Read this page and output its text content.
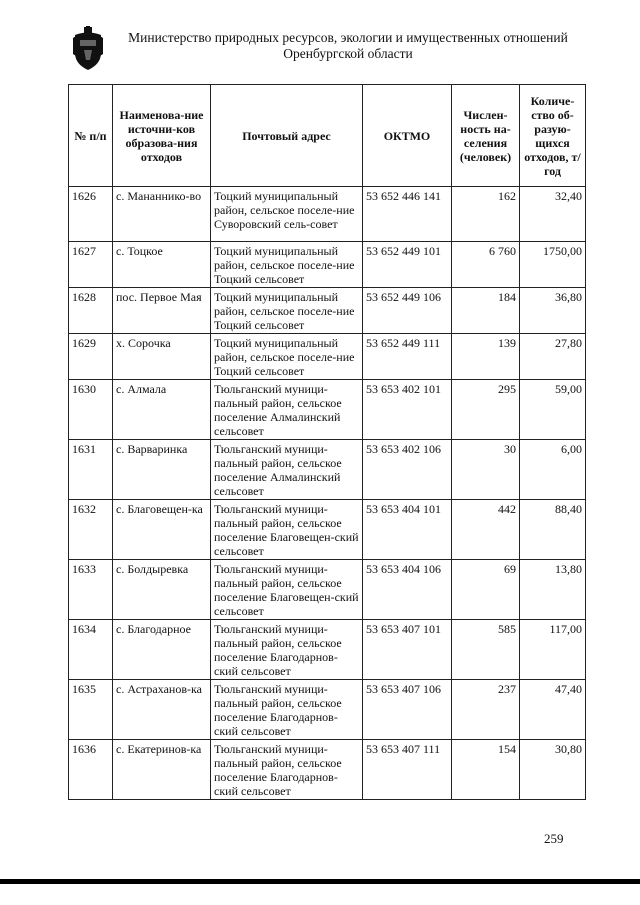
Министерство природных ресурсов, экологии и имущественных отношений
Оренбургской области
№ п/п	Наименова-ние источни-ков образова-ния отходов	Почтовый адрес	ОКТМО	Числен-ность на-селения (человек)	Количе-ство об-разую-щихся отходов, т/год
1626	с. Мананнико-во	Тоцкий муниципальный район, сельское поселе-ние Суворовский сель-совет	53 652 446 141	162	32,40
1627	с. Тоцкое	Тоцкий муниципальный район, сельское поселе-ние Тоцкий сельсовет	53 652 449 101	6 760	1750,00
1628	пос. Первое Мая	Тоцкий муниципальный район, сельское поселе-ние Тоцкий сельсовет	53 652 449 106	184	36,80
1629	х. Сорочка	Тоцкий муниципальный район, сельское поселе-ние Тоцкий сельсовет	53 652 449 111	139	27,80
1630	с. Алмала	Тюльганский муници-пальный район, сельское поселение Алмалинский сельсовет	53 653 402 101	295	59,00
1631	с. Варваринка	Тюльганский муници-пальный район, сельское поселение Алмалинский сельсовет	53 653 402 106	30	6,00
1632	с. Благовещен-ка	Тюльганский муници-пальный район, сельское поселение Благовещен-ский сельсовет	53 653 404 101	442	88,40
1633	с. Болдыревка	Тюльганский муници-пальный район, сельское поселение Благовещен-ский сельсовет	53 653 404 106	69	13,80
1634	с. Благодарное	Тюльганский муници-пальный район, сельское поселение Благодарнов-ский сельсовет	53 653 407 101	585	117,00
1635	с. Астраханов-ка	Тюльганский муници-пальный район, сельское поселение Благодарнов-ский сельсовет	53 653 407 106	237	47,40
1636	с. Екатеринов-ка	Тюльганский муници-пальный район, сельское поселение Благодарнов-ский сельсовет	53 653 407 111	154	30,80
259
